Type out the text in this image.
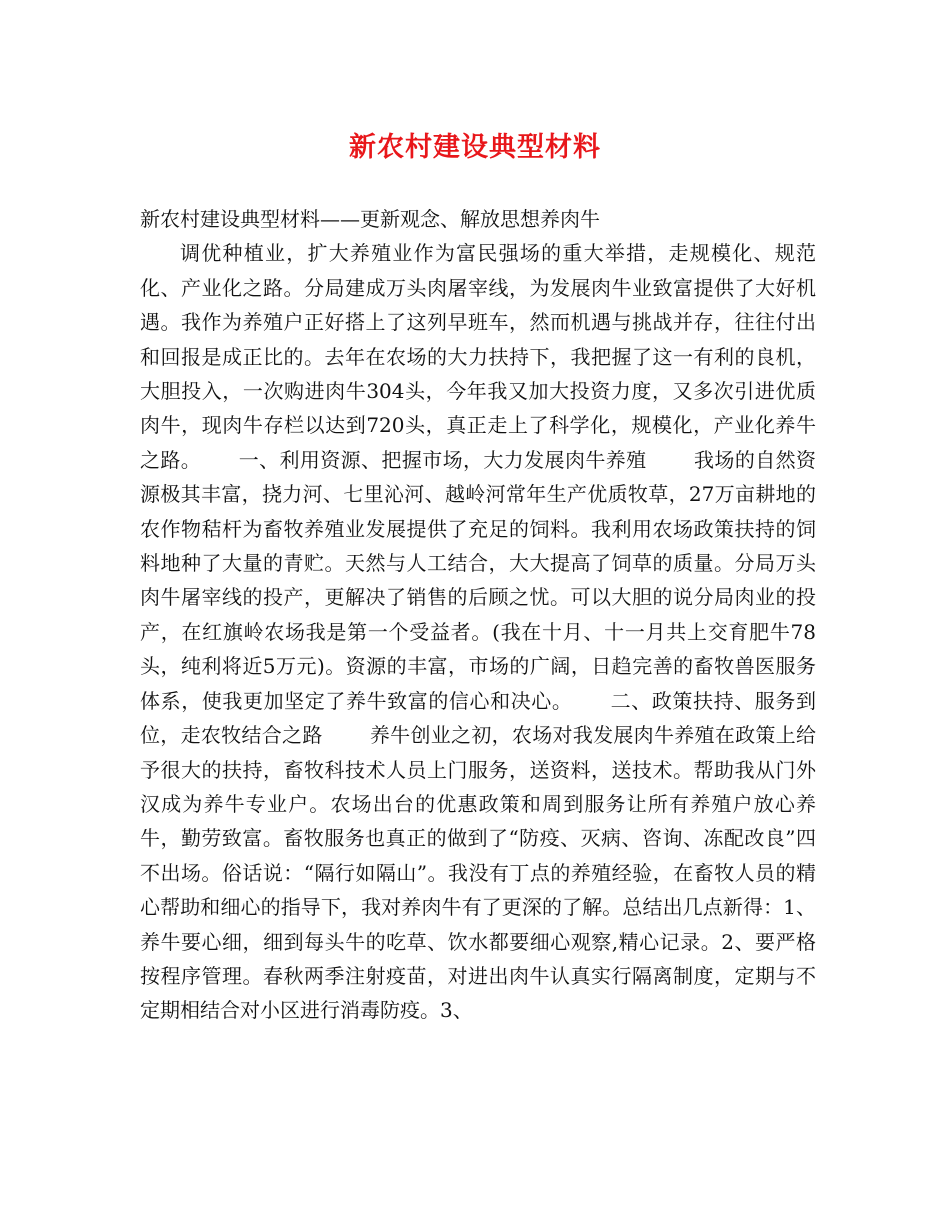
新农村建设典型材料

新农村建设典型材料——更新观念、解放思想养肉牛

调优种植业，扩大养殖业作为富民强场的重大举措，走规模化、规范化、产业化之路。分局建成万头肉屠宰线，为发展肉牛业致富提供了大好机遇。我作为养殖户正好搭上了这列早班车，然而机遇与挑战并存，往往付出和回报是成正比的。去年在农场的大力扶持下，我把握了这一有利的良机，大胆投入，一次购进肉牛304头，今年我又加大投资力度，又多次引进优质肉牛，现肉牛存栏以达到720头，真正走上了科学化，规模化，产业化养牛之路。　　 一、利用资源、把握市场，大力发展肉牛养殖　　 我场的自然资源极其丰富，挠力河、七里沁河、越岭河常年生产优质牧草，27万亩耕地的农作物秸杆为畜牧养殖业发展提供了充足的饲料。我利用农场政策扶持的饲料地种了大量的青贮。天然与人工结合，大大提高了饲草的质量。分局万头肉牛屠宰线的投产，更解决了销售的后顾之忧。可以大胆的说分局肉业的投产，在红旗岭农场我是第一个受益者。(我在十月、十一月共上交育肥牛78头，纯利将近5万元)。资源的丰富，市场的广阔，日趋完善的畜牧兽医服务体系，使我更加坚定了养牛致富的信心和决心。　　 二、政策扶持、服务到位，走农牧结合之路　　 养牛创业之初，农场对我发展肉牛养殖在政策上给予很大的扶持，畜牧科技术人员上门服务，送资料，送技术。帮助我从门外汉成为养牛专业户。农场出台的优惠政策和周到服务让所有养殖户放心养牛，勤劳致富。畜牧服务也真正的做到了“防疫、灭病、咨询、冻配改良”四不出场。俗话说：“隔行如隔山”。我没有丁点的养殖经验，在畜牧人员的精心帮助和细心的指导下，我对养肉牛有了更深的了解。总结出几点新得：1、养牛要心细，细到每头牛的吃草、饮水都要细心观察,精心记录。2、要严格按程序管理。春秋两季注射疫苗，对进出肉牛认真实行隔离制度，定期与不定期相结合对小区进行消毒防疫。3、
